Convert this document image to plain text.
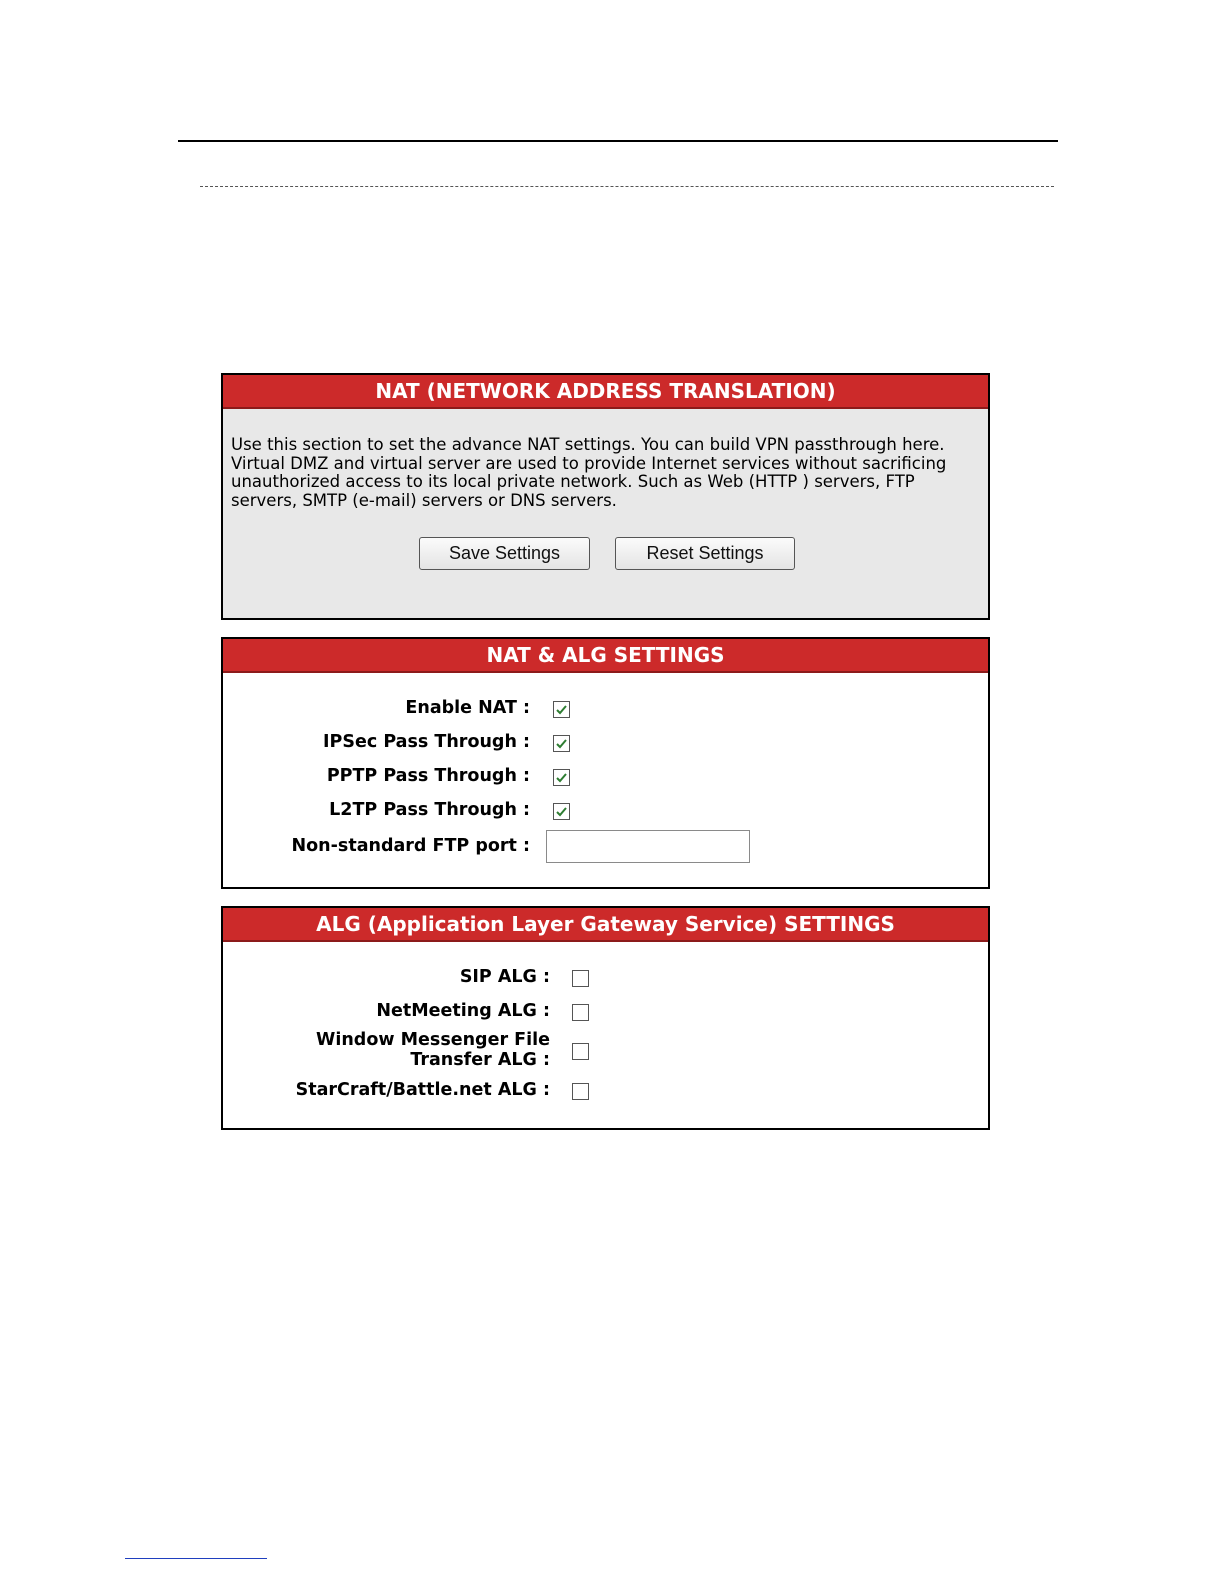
NAT (NETWORK ADDRESS TRANSLATION)

Use this section to set the advance NAT settings. You can build VPN passthrough here. Virtual DMZ and virtual server are used to provide Internet services without sacrificing unauthorized access to its local private network. Such as Web (HTTP ) servers, FTP servers, SMTP (e-mail) servers or DNS servers.

Save Settings	Reset Settings
NAT & ALG SETTINGS
Enable NAT :
IPSec Pass Through :
PPTP Pass Through :
L2TP Pass Through :
Non-standard FTP port :
ALG (Application Layer Gateway Service) SETTINGS
SIP ALG :
NetMeeting ALG :
Window Messenger File
Transfer ALG :
StarCraft/Battle.net ALG :
